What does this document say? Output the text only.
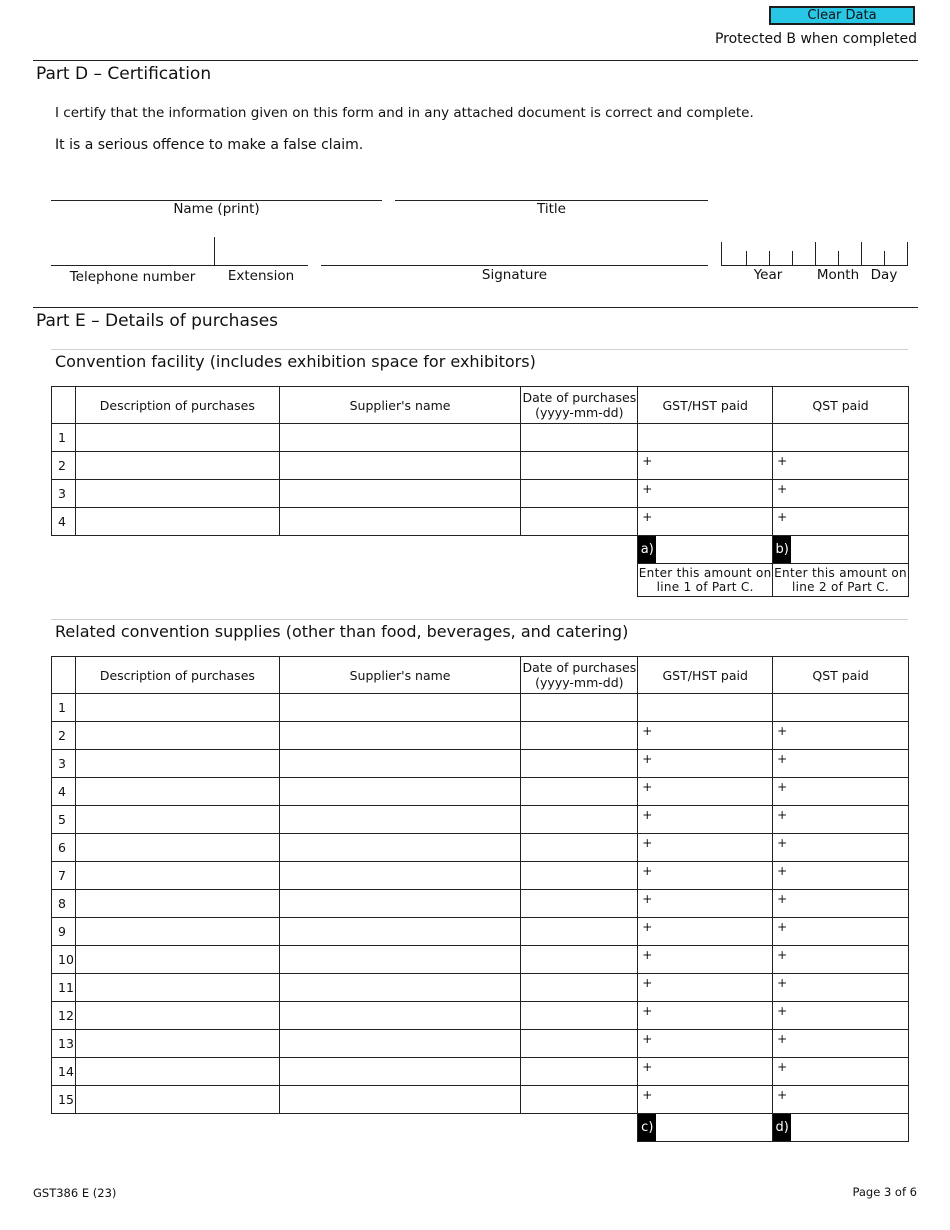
Clear Data
Protected B when completed
Part D – Certification
I certify that the information given on this form and in any attached document is correct and complete.
It is a serious offence to make a false claim.
Name (print)	Title
Telephone number	Extension	Signature	Year	Month Day
Part E – Details of purchases
Convention facility (includes exhibition space for exhibitors)
	Description of purchases	Supplier's name	Date of purchases (yyyy-mm-dd)	GST/HST paid	QST paid
1					
2				+	+
3				+	+
4				+	+
				a)	b)
				Enter this amount on line 1 of Part C.	Enter this amount on line 2 of Part C.
Related convention supplies (other than food, beverages, and catering)
	Description of purchases	Supplier's name	Date of purchases (yyyy-mm-dd)	GST/HST paid	QST paid
1					
2				+	+
3				+	+
4				+	+
5				+	+
6				+	+
7				+	+
8				+	+
9				+	+
10				+	+
11				+	+
12				+	+
13				+	+
14				+	+
15				+	+
				c)	d)
GST386 E (23)	Page 3 of 6
